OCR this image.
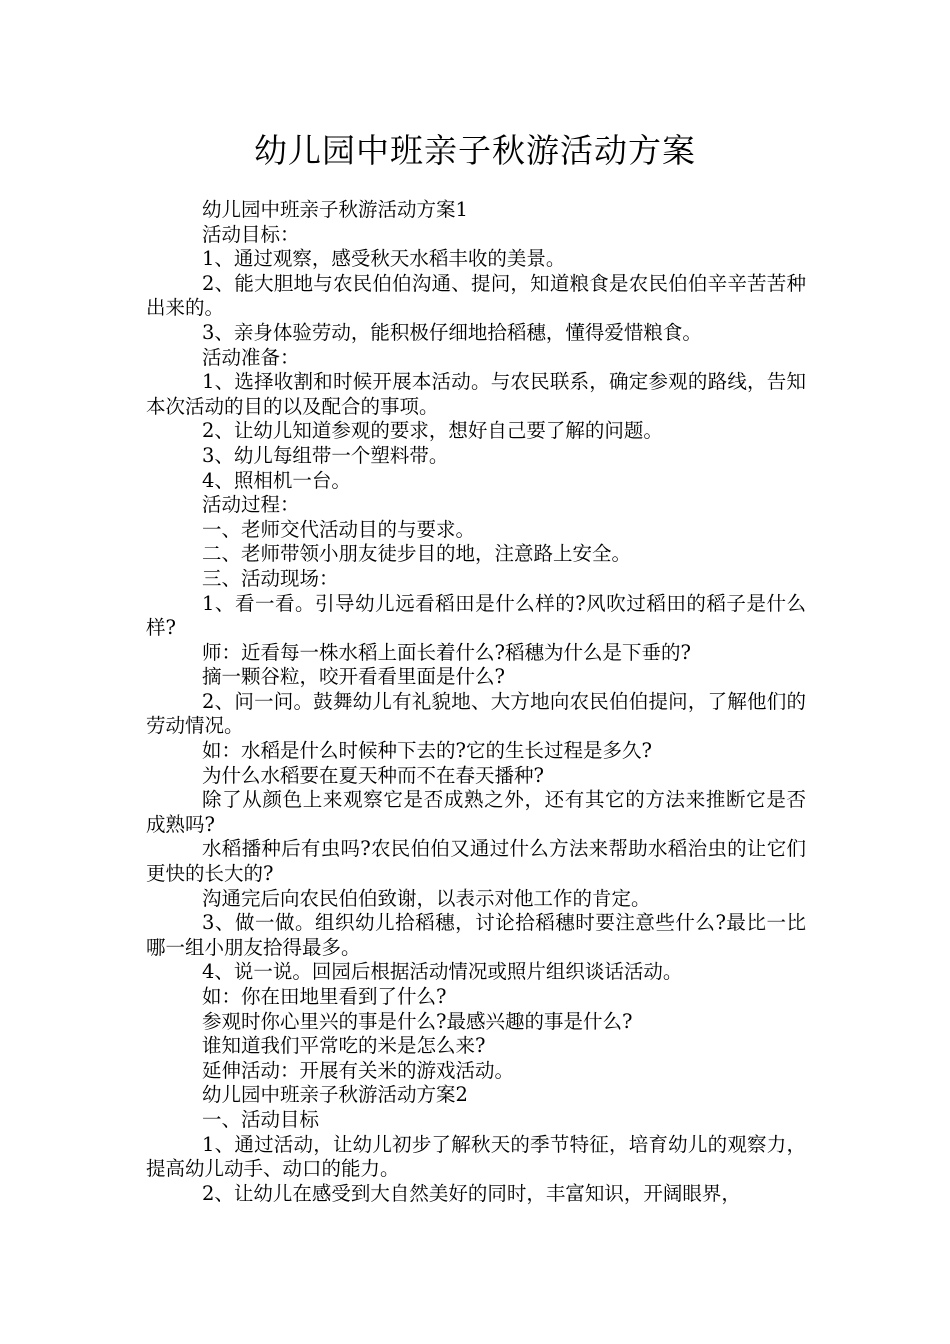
幼儿园中班亲子秋游活动方案

幼儿园中班亲子秋游活动方案1

活动目标：

1、通过观察，感受秋天水稻丰收的美景。

2、能大胆地与农民伯伯沟通、提问，知道粮食是农民伯伯辛辛苦苦种出来的。

3、亲身体验劳动，能积极仔细地拾稻穗，懂得爱惜粮食。

活动准备：

1、选择收割和时候开展本活动。与农民联系，确定参观的路线，告知本次活动的目的以及配合的事项。

2、让幼儿知道参观的要求，想好自己要了解的问题。

3、幼儿每组带一个塑料带。

4、照相机一台。

活动过程：

一、老师交代活动目的与要求。

二、老师带领小朋友徒步目的地，注意路上安全。

三、活动现场：

1、看一看。引导幼儿远看稻田是什么样的?风吹过稻田的稻子是什么样?

师：近看每一株水稻上面长着什么?稻穗为什么是下垂的?

摘一颗谷粒，咬开看看里面是什么?

2、问一问。鼓舞幼儿有礼貌地、大方地向农民伯伯提问，了解他们的劳动情况。

如：水稻是什么时候种下去的?它的生长过程是多久?

为什么水稻要在夏天种而不在春天播种?

除了从颜色上来观察它是否成熟之外，还有其它的方法来推断它是否成熟吗?

水稻播种后有虫吗?农民伯伯又通过什么方法来帮助水稻治虫的让它们更快的长大的?

沟通完后向农民伯伯致谢，以表示对他工作的肯定。

3、做一做。组织幼儿拾稻穗，讨论拾稻穗时要注意些什么?最比一比哪一组小朋友拾得最多。

4、说一说。回园后根据活动情况或照片组织谈话活动。

如：你在田地里看到了什么?

参观时你心里兴的事是什么?最感兴趣的事是什么?

谁知道我们平常吃的米是怎么来?

延伸活动：开展有关米的游戏活动。

幼儿园中班亲子秋游活动方案2

一、活动目标

1、通过活动，让幼儿初步了解秋天的季节特征，培育幼儿的观察力，提高幼儿动手、动口的能力。

2、让幼儿在感受到大自然美好的同时，丰富知识，开阔眼界，
